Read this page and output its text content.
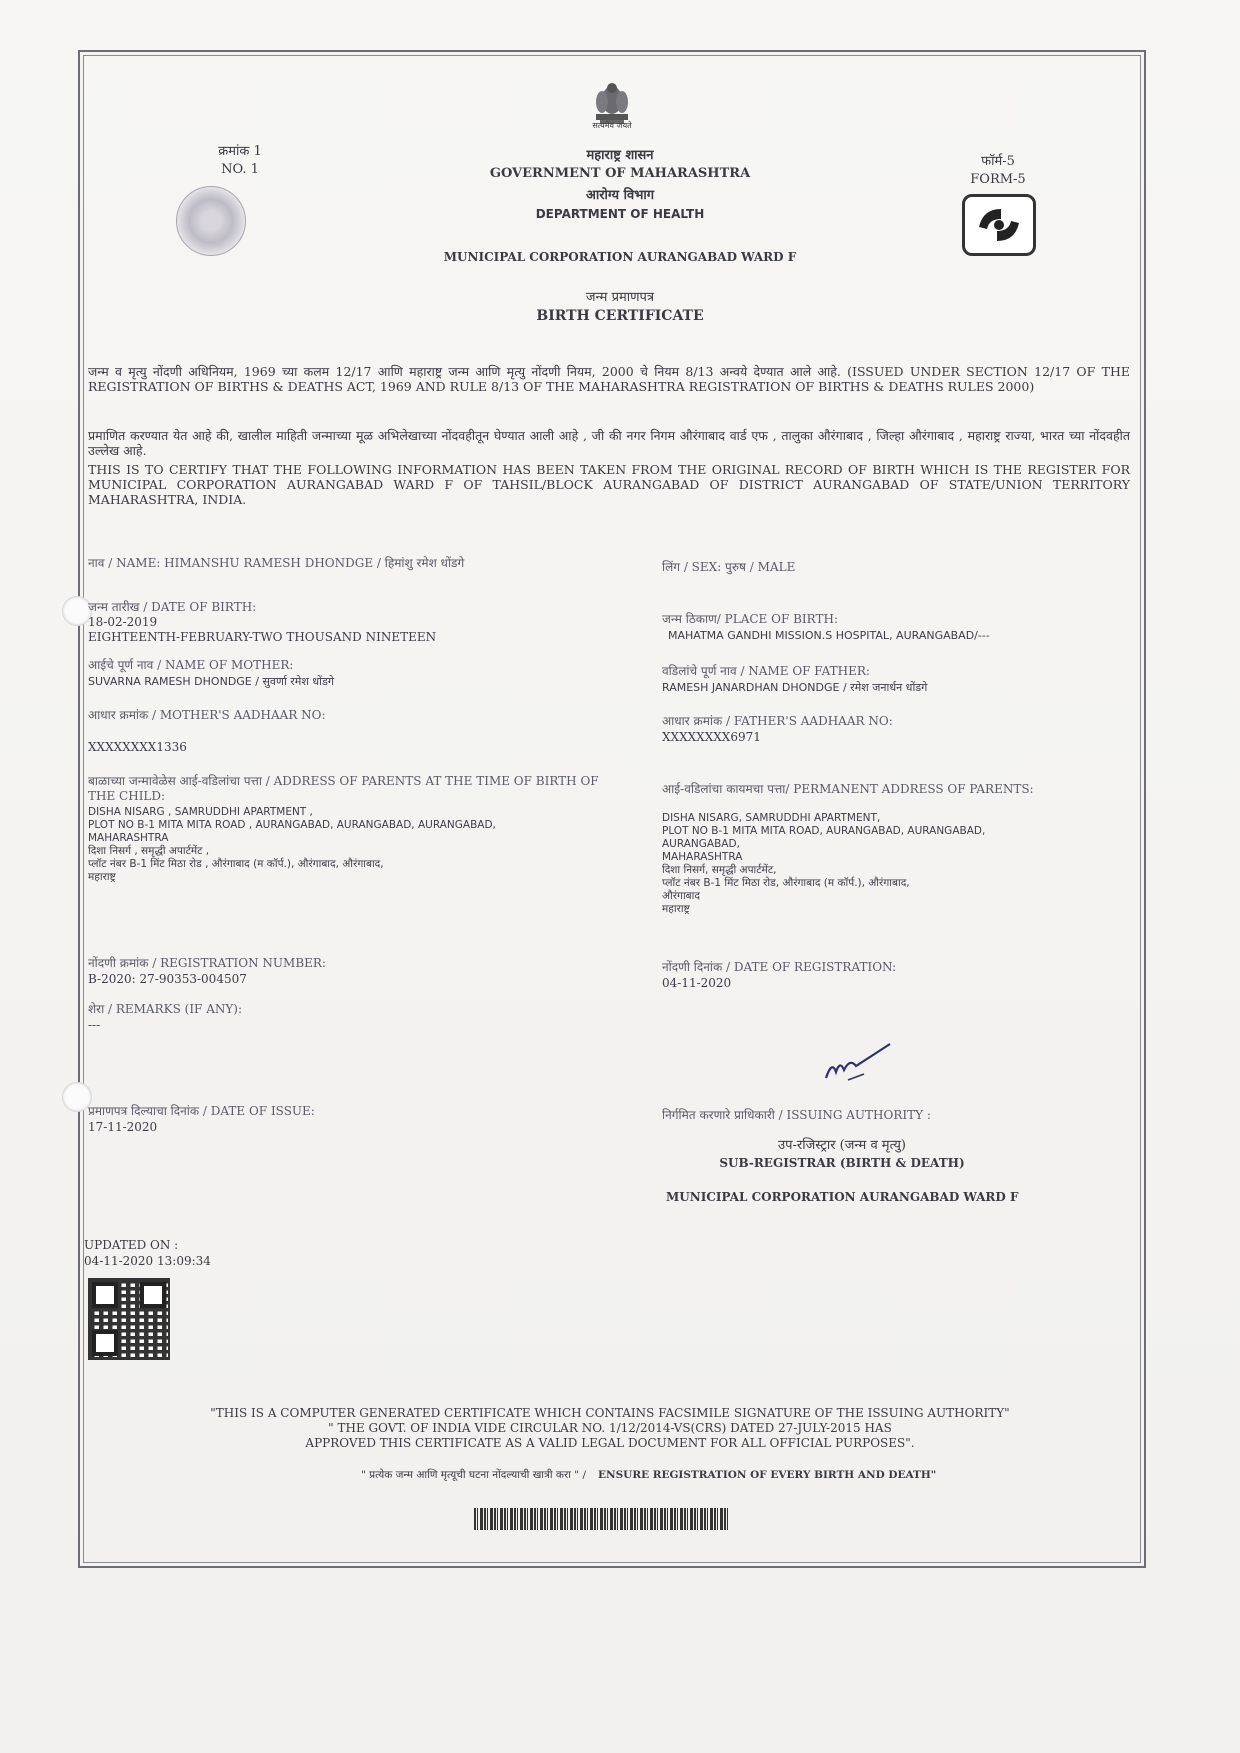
सत्यमेव जयते
क्रमांक 1
NO. 1
महाराष्ट्र शासन
GOVERNMENT OF MAHARASHTRA
आरोग्य विभाग
DEPARTMENT OF HEALTH
फॉर्म-5
FORM-5
MUNICIPAL CORPORATION AURANGABAD WARD F
जन्म प्रमाणपत्र
BIRTH CERTIFICATE
जन्म व मृत्यु नोंदणी अधिनियम, 1969 च्या कलम 12/17 आणि महाराष्ट्र जन्म आणि मृत्यु नोंदणी नियम, 2000 चे नियम 8/13 अन्वये देण्यात आले आहे. (ISSUED UNDER SECTION 12/17 OF THE REGISTRATION OF BIRTHS & DEATHS ACT, 1969 AND RULE 8/13 OF THE MAHARASHTRA REGISTRATION OF BIRTHS & DEATHS RULES 2000)
प्रमाणित करण्यात येत आहे की, खालील माहिती जन्माच्या मूळ अभिलेखाच्या नोंदवहीतून घेण्यात आली आहे , जी की नगर निगम औरंगाबाद वार्ड एफ , तालुका औरंगाबाद , जिल्हा औरंगाबाद , महाराष्ट्र राज्या, भारत च्या नोंदवहीत उल्लेख आहे.
THIS IS TO CERTIFY THAT THE FOLLOWING INFORMATION HAS BEEN TAKEN FROM THE ORIGINAL RECORD OF BIRTH WHICH IS THE REGISTER FOR MUNICIPAL CORPORATION AURANGABAD WARD F OF TAHSIL/BLOCK AURANGABAD OF DISTRICT AURANGABAD OF STATE/UNION TERRITORY MAHARASHTRA, INDIA.
नाव / NAME: HIMANSHU RAMESH DHONDGE / हिमांशु रमेश धोंडगे	लिंग / SEX: पुरुष / MALE
जन्म तारीख / DATE OF BIRTH:
18-02-2019
EIGHTEENTH-FEBRUARY-TWO THOUSAND NINETEEN
जन्म ठिकाण/ PLACE OF BIRTH:
MAHATMA GANDHI MISSION.S HOSPITAL, AURANGABAD/---
आईचे पूर्ण नाव / NAME OF MOTHER:
SUVARNA RAMESH DHONDGE / सुवर्णा रमेश धोंडगे
वडिलांचे पूर्ण नाव / NAME OF FATHER:
RAMESH JANARDHAN DHONDGE / रमेश जनार्धन धोंडगे
आधार क्रमांक / MOTHER'S AADHAAR NO:
XXXXXXXX1336
आधार क्रमांक / FATHER'S AADHAAR NO:
XXXXXXXX6971
बाळाच्या जन्मावेळेस आई-वडिलांचा पत्ता / ADDRESS OF PARENTS AT THE TIME OF BIRTH OF THE CHILD:
DISHA NISARG , SAMRUDDHI APARTMENT ,
PLOT NO B-1 MITA MITA ROAD , AURANGABAD, AURANGABAD, AURANGABAD,
MAHARASHTRA
दिशा निसर्ग , समृद्धी अपार्टमेंट ,
प्लॉट नंबर B-1 मिंट मिठा रोड , औरंगाबाद (म कॉर्प.), औरंगाबाद, औरंगाबाद,
महाराष्ट्र
आई-वडिलांचा कायमचा पत्ता/ PERMANENT ADDRESS OF PARENTS:
DISHA NISARG, SAMRUDDHI APARTMENT,
PLOT NO B-1 MITA MITA ROAD, AURANGABAD, AURANGABAD,
AURANGABAD,
MAHARASHTRA
दिशा निसर्ग, समृद्धी अपार्टमेंट,
प्लॉट नंबर B-1 मिंट मिठा रोड, औरंगाबाद (म कॉर्प.), औरंगाबाद,
औरंगाबाद
महाराष्ट्र
नोंदणी क्रमांक / REGISTRATION NUMBER:
B-2020: 27-90353-004507
नोंदणी दिनांक / DATE OF REGISTRATION:
04-11-2020
शेरा / REMARKS (IF ANY):
---
प्रमाणपत्र दिल्याचा दिनांक / DATE OF ISSUE:
17-11-2020
निर्गमित करणारे प्राधिकारी / ISSUING AUTHORITY :
उप-रजिस्ट्रार (जन्म व मृत्यु)
SUB-REGISTRAR (BIRTH & DEATH)
MUNICIPAL CORPORATION AURANGABAD WARD F
UPDATED ON :
04-11-2020 13:09:34
"THIS IS A COMPUTER GENERATED CERTIFICATE WHICH CONTAINS FACSIMILE SIGNATURE OF THE ISSUING AUTHORITY"
" THE GOVT. OF INDIA VIDE CIRCULAR NO. 1/12/2014-VS(CRS) DATED 27-JULY-2015 HAS
APPROVED THIS CERTIFICATE AS A VALID LEGAL DOCUMENT FOR ALL OFFICIAL PURPOSES".
" प्रत्येक जन्म आणि मृत्यूची घटना नोंदल्याची खात्री करा " / ENSURE REGISTRATION OF EVERY BIRTH AND DEATH"
